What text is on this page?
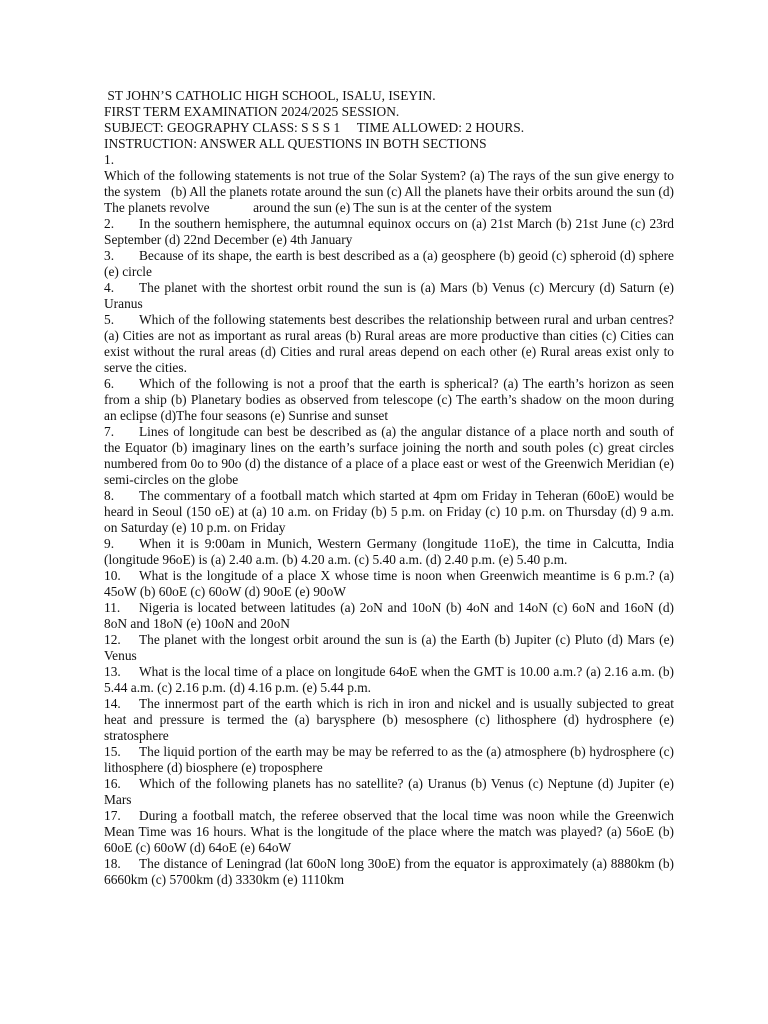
ST JOHN’S CATHOLIC HIGH SCHOOL, ISALU, ISEYIN.
FIRST TERM EXAMINATION 2024/2025 SESSION.
SUBJECT: GEOGRAPHY CLASS: S S S 1     TIME ALLOWED: 2 HOURS.
INSTRUCTION: ANSWER ALL QUESTIONS IN BOTH SECTIONS
1.
Which of the following statements is not true of the Solar System? (a) The rays of the sun give energy to the system   (b) All the planets rotate around the sun (c) All the planets have their orbits around the sun (d) The planets revolve             around the sun (e) The sun is at the center of the system
2. In the southern hemisphere, the autumnal equinox occurs on (a) 21st March (b) 21st June (c) 23rd September (d) 22nd December (e) 4th January
3. Because of its shape, the earth is best described as a (a) geosphere (b) geoid (c) spheroid (d) sphere (e) circle
4. The planet with the shortest orbit round the sun is (a) Mars (b) Venus (c) Mercury (d) Saturn (e) Uranus
5. Which of the following statements best describes the relationship between rural and urban centres? (a) Cities are not as important as rural areas (b) Rural areas are more productive than cities (c) Cities can exist without the rural areas (d) Cities and rural areas depend on each other (e) Rural areas exist only to serve the cities.
6. Which of the following is not a proof that the earth is spherical? (a) The earth’s horizon as seen from a ship (b) Planetary bodies as observed from telescope (c) The earth’s shadow on the moon during an eclipse (d)The four seasons (e) Sunrise and sunset
7. Lines of longitude can best be described as (a) the angular distance of a place north and south of the Equator (b) imaginary lines on the earth’s surface joining the north and south poles (c) great circles numbered from 0o to 90o (d) the distance of a place of a place east or west of the Greenwich Meridian (e) semi-circles on the globe
8. The commentary of a football match which started at 4pm om Friday in Teheran (60oE) would be heard in Seoul (150 oE) at (a) 10 a.m. on Friday (b) 5 p.m. on Friday (c) 10 p.m. on Thursday (d) 9 a.m. on Saturday (e) 10 p.m. on Friday
9. When it is 9:00am in Munich, Western Germany (longitude 11oE), the time in Calcutta, India (longitude 96oE) is (a) 2.40 a.m. (b) 4.20 a.m. (c) 5.40 a.m. (d) 2.40 p.m. (e) 5.40 p.m.
10. What is the longitude of a place X whose time is noon when Greenwich meantime is 6 p.m.? (a) 45oW (b) 60oE (c) 60oW (d) 90oE (e) 90oW
11. Nigeria is located between latitudes (a) 2oN and 10oN (b) 4oN and 14oN (c) 6oN and 16oN (d) 8oN and 18oN (e) 10oN and 20oN
12. The planet with the longest orbit around the sun is (a) the Earth (b) Jupiter (c) Pluto (d) Mars (e) Venus
13. What is the local time of a place on longitude 64oE when the GMT is 10.00 a.m.? (a) 2.16 a.m. (b) 5.44 a.m. (c) 2.16 p.m. (d) 4.16 p.m. (e) 5.44 p.m.
14. The innermost part of the earth which is rich in iron and nickel and is usually subjected to great heat and pressure is termed the (a) barysphere (b) mesosphere (c) lithosphere (d) hydrosphere (e) stratosphere
15. The liquid portion of the earth may be may be referred to as the (a) atmosphere (b) hydrosphere (c) lithosphere (d) biosphere (e) troposphere
16. Which of the following planets has no satellite? (a) Uranus (b) Venus (c) Neptune (d) Jupiter (e) Mars
17. During a football match, the referee observed that the local time was noon while the Greenwich Mean Time was 16 hours. What is the longitude of the place where the match was played? (a) 56oE (b) 60oE (c) 60oW (d) 64oE (e) 64oW
18. The distance of Leningrad (lat 60oN long 30oE) from the equator is approximately (a) 8880km (b) 6660km (c) 5700km (d) 3330km (e) 1110km
